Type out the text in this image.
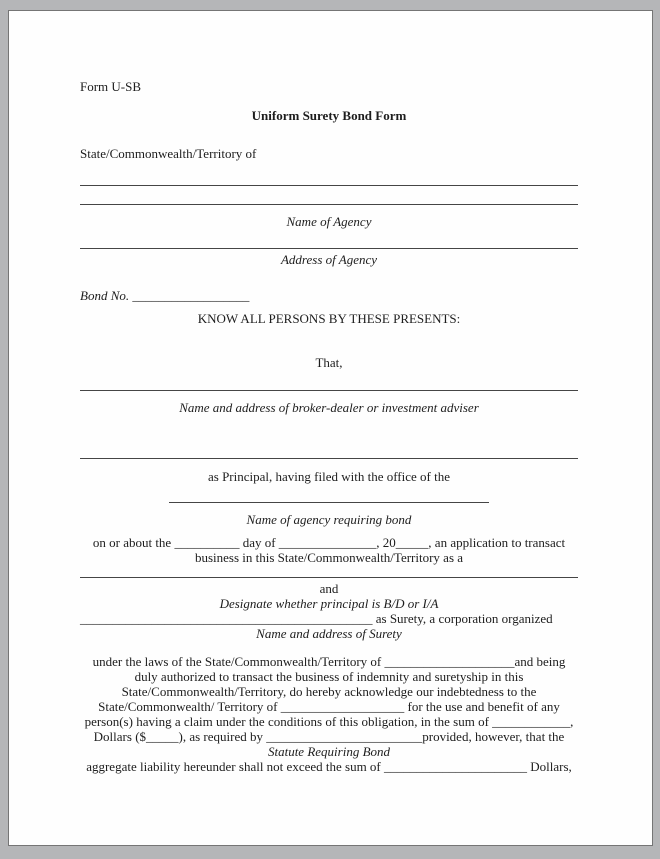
Form U-SB
Uniform Surety Bond Form
State/Commonwealth/Territory of
Name of Agency
Address of Agency
Bond No. __________________
KNOW ALL PERSONS BY THESE PRESENTS:
That,
Name and address of broker-dealer or investment adviser
as Principal, having filed with the office of the
Name of agency requiring bond
on or about the __________ day of _______________, 20_____, an application to transact
business in this State/Commonwealth/Territory as a
and
Designate whether principal is B/D or I/A
_____________________________________________ as Surety, a corporation organized
Name and address of Surety
under the laws of the State/Commonwealth/Territory of ____________________and being
duly authorized to transact the business of indemnity and suretyship in this
State/Commonwealth/Territory, do hereby acknowledge our indebtedness to the
State/Commonwealth/ Territory of ___________________ for the use and benefit of any
person(s) having a claim under the conditions of this obligation, in the sum of ____________,
Dollars ($_____), as required by ________________________provided, however, that the
Statute Requiring Bond
aggregate liability hereunder shall not exceed the sum of ______________________ Dollars,
